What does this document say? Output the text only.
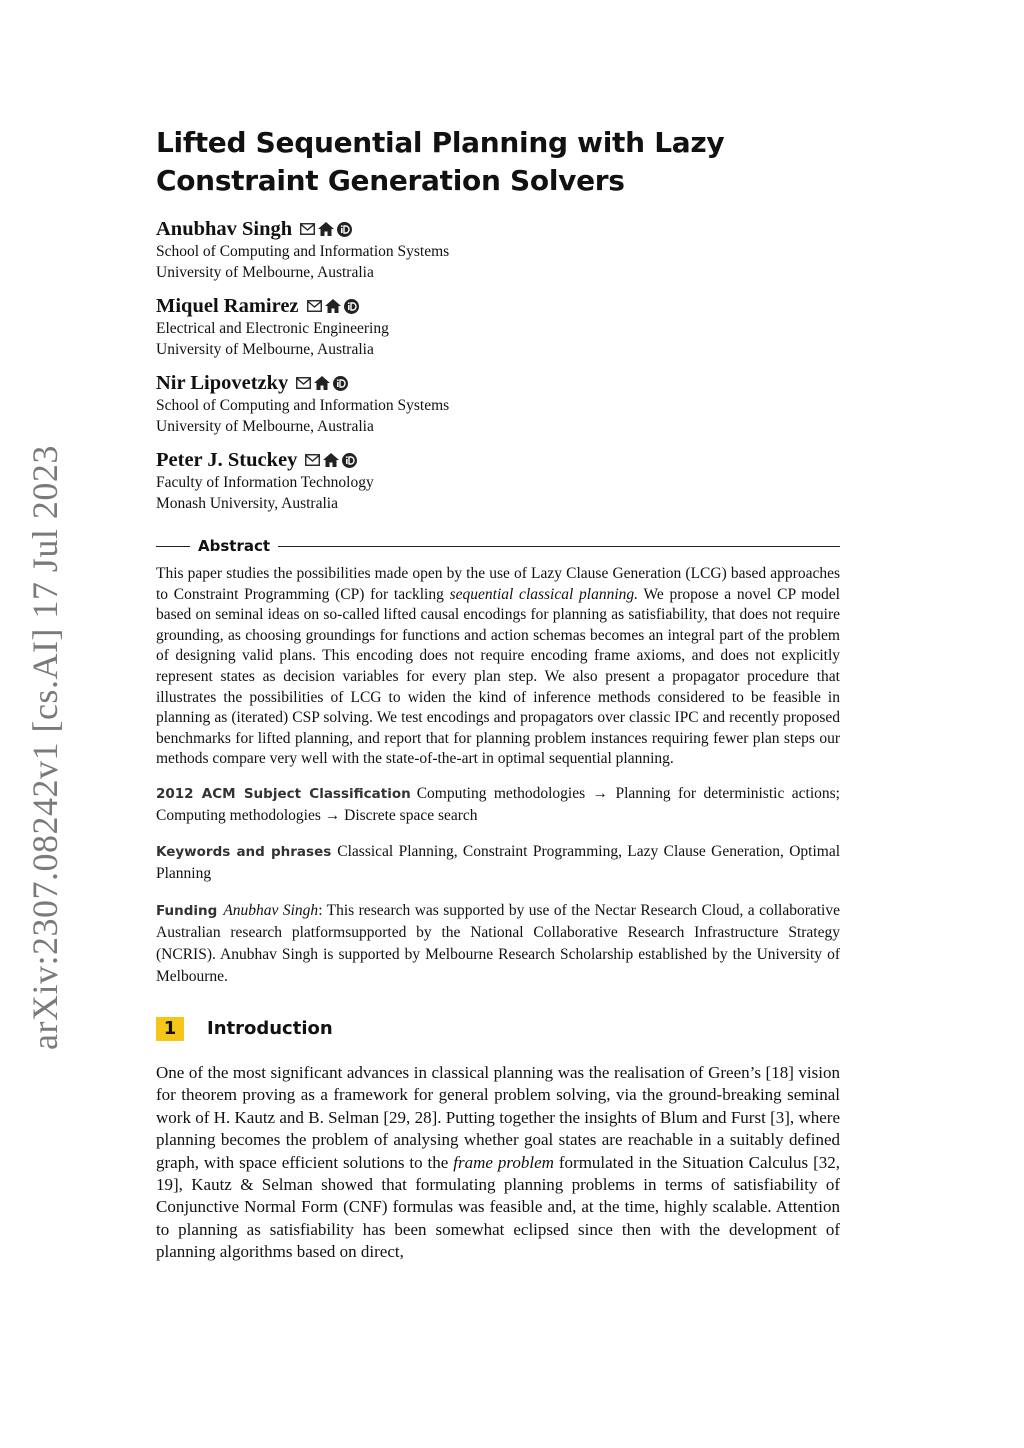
arXiv:2307.08242v1 [cs.AI] 17 Jul 2023
Lifted Sequential Planning with Lazy Constraint Generation Solvers
Anubhav Singh
School of Computing and Information Systems
University of Melbourne, Australia
Miquel Ramirez
Electrical and Electronic Engineering
University of Melbourne, Australia
Nir Lipovetzky
School of Computing and Information Systems
University of Melbourne, Australia
Peter J. Stuckey
Faculty of Information Technology
Monash University, Australia
Abstract
This paper studies the possibilities made open by the use of Lazy Clause Generation (LCG) based approaches to Constraint Programming (CP) for tackling sequential classical planning. We propose a novel CP model based on seminal ideas on so-called lifted causal encodings for planning as satisfiability, that does not require grounding, as choosing groundings for functions and action schemas becomes an integral part of the problem of designing valid plans. This encoding does not require encoding frame axioms, and does not explicitly represent states as decision variables for every plan step. We also present a propagator procedure that illustrates the possibilities of LCG to widen the kind of inference methods considered to be feasible in planning as (iterated) CSP solving. We test encodings and propagators over classic IPC and recently proposed benchmarks for lifted planning, and report that for planning problem instances requiring fewer plan steps our methods compare very well with the state-of-the-art in optimal sequential planning.
2012 ACM Subject Classification Computing methodologies → Planning for deterministic actions; Computing methodologies → Discrete space search
Keywords and phrases Classical Planning, Constraint Programming, Lazy Clause Generation, Optimal Planning
Funding Anubhav Singh: This research was supported by use of the Nectar Research Cloud, a collaborative Australian research platformsupported by the National Collaborative Research Infrastructure Strategy (NCRIS). Anubhav Singh is supported by Melbourne Research Scholarship established by the University of Melbourne.
1	Introduction
One of the most significant advances in classical planning was the realisation of Green’s [18] vision for theorem proving as a framework for general problem solving, via the ground-breaking seminal work of H. Kautz and B. Selman [29, 28]. Putting together the insights of Blum and Furst [3], where planning becomes the problem of analysing whether goal states are reachable in a suitably defined graph, with space efficient solutions to the frame problem formulated in the Situation Calculus [32, 19], Kautz & Selman showed that formulating planning problems in terms of satisfiability of Conjunctive Normal Form (CNF) formulas was feasible and, at the time, highly scalable. Attention to planning as satisfiability has been somewhat eclipsed since then with the development of planning algorithms based on direct,
